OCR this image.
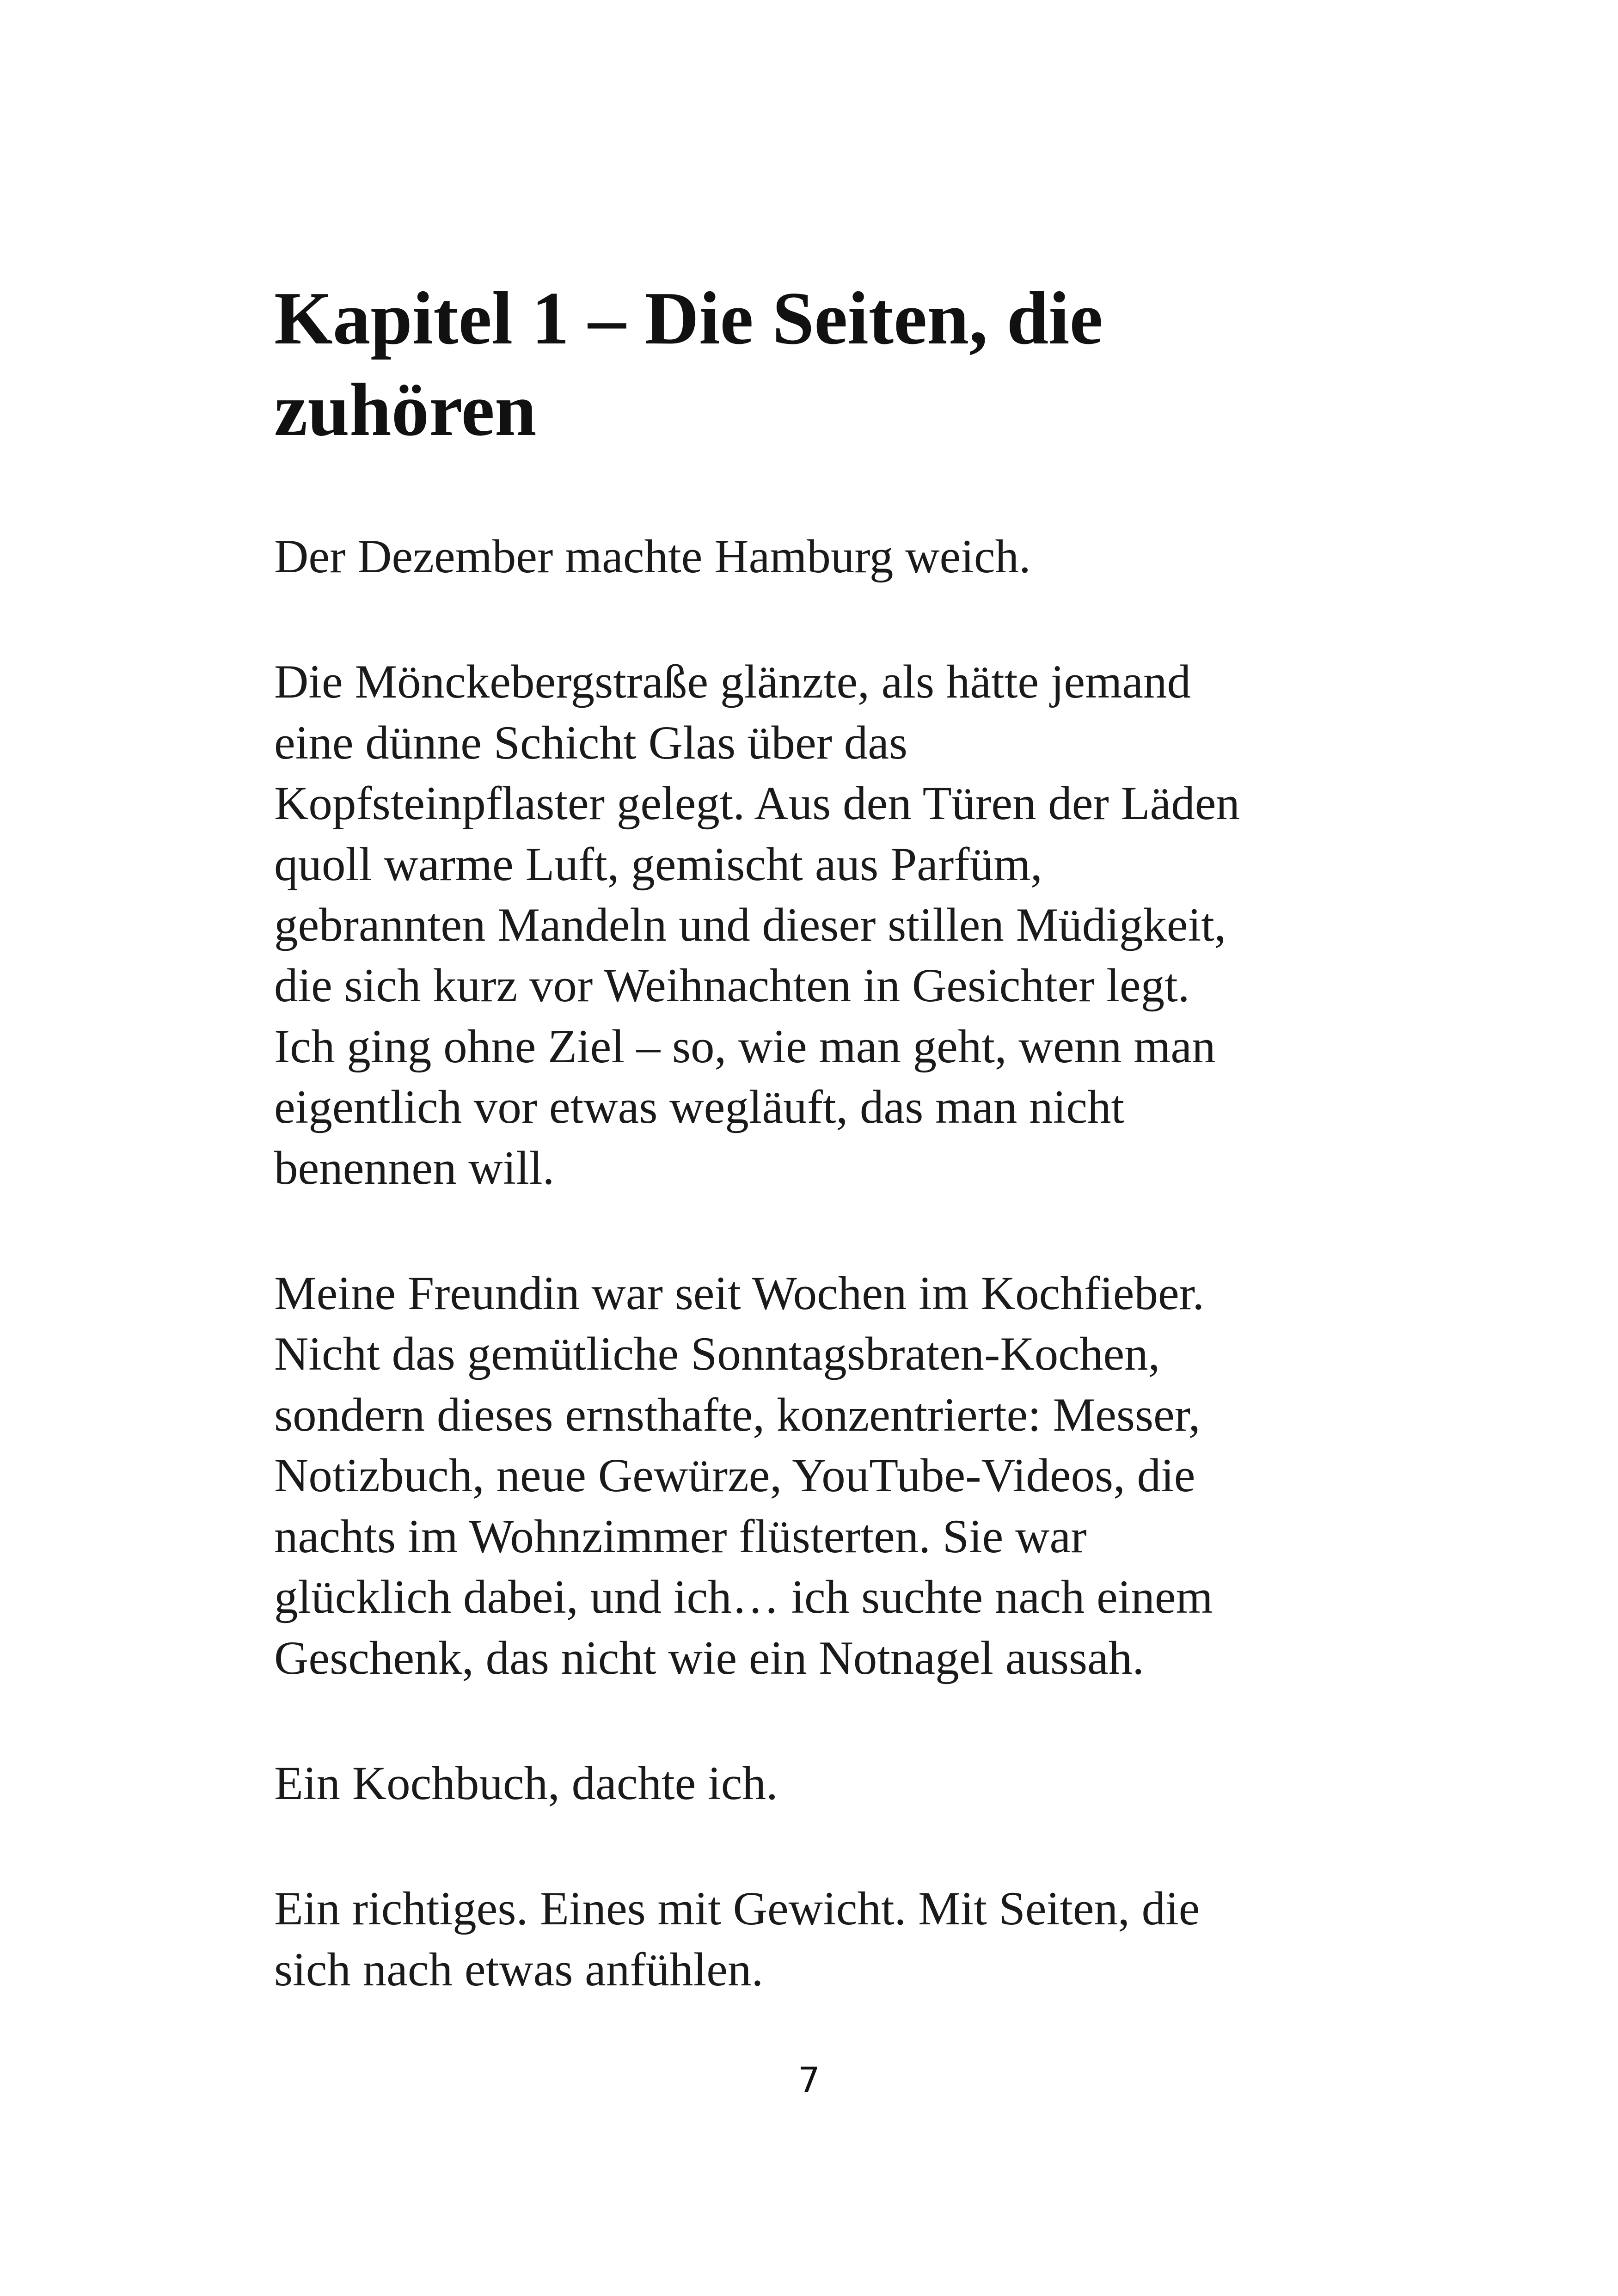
Kapitel 1 – Die Seiten, die
zuhören

Der Dezember machte Hamburg weich.

Die Mönckebergstraße glänzte, als hätte jemand
eine dünne Schicht Glas über das
Kopfsteinpflaster gelegt. Aus den Türen der Läden
quoll warme Luft, gemischt aus Parfüm,
gebrannten Mandeln und dieser stillen Müdigkeit,
die sich kurz vor Weihnachten in Gesichter legt.
Ich ging ohne Ziel – so, wie man geht, wenn man
eigentlich vor etwas wegläuft, das man nicht
benennen will.

Meine Freundin war seit Wochen im Kochfieber.
Nicht das gemütliche Sonntagsbraten-Kochen,
sondern dieses ernsthafte, konzentrierte: Messer,
Notizbuch, neue Gewürze, YouTube-Videos, die
nachts im Wohnzimmer flüsterten. Sie war
glücklich dabei, und ich… ich suchte nach einem
Geschenk, das nicht wie ein Notnagel aussah.

Ein Kochbuch, dachte ich.

Ein richtiges. Eines mit Gewicht. Mit Seiten, die
sich nach etwas anfühlen.

7
